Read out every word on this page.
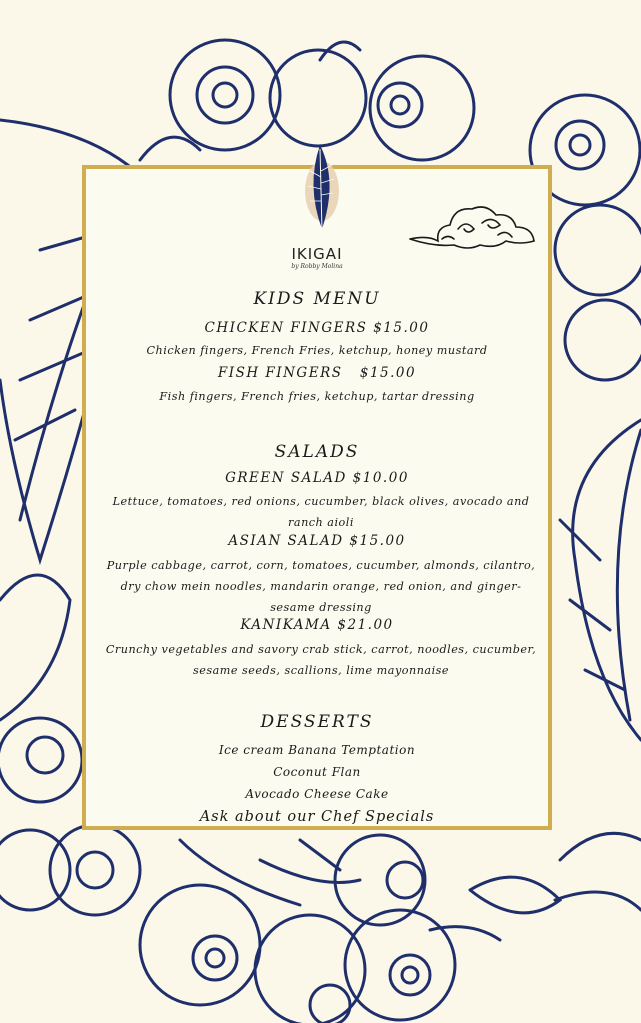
IKIGAI
by Robby Molina
KIDS MENU
CHICKEN FINGERS $15.00
Chicken fingers, French Fries, ketchup, honey mustard
FISH FINGERS   $15.00
Fish fingers, French fries, ketchup, tartar dressing
SALADS
GREEN SALAD $10.00
Lettuce, tomatoes, red onions, cucumber, black olives, avocado and ranch aioli
ASIAN SALAD $15.00
Purple cabbage, carrot, corn, tomatoes, cucumber, almonds, cilantro, dry chow mein noodles, mandarin orange, red onion, and ginger-sesame dressing
KANIKAMA $21.00
Crunchy vegetables and savory crab stick, carrot, noodles, cucumber, sesame seeds, scallions, lime mayonnaise
DESSERTS
Ice cream Banana Temptation
Coconut Flan
Avocado Cheese Cake
Ask about our Chef Specials
